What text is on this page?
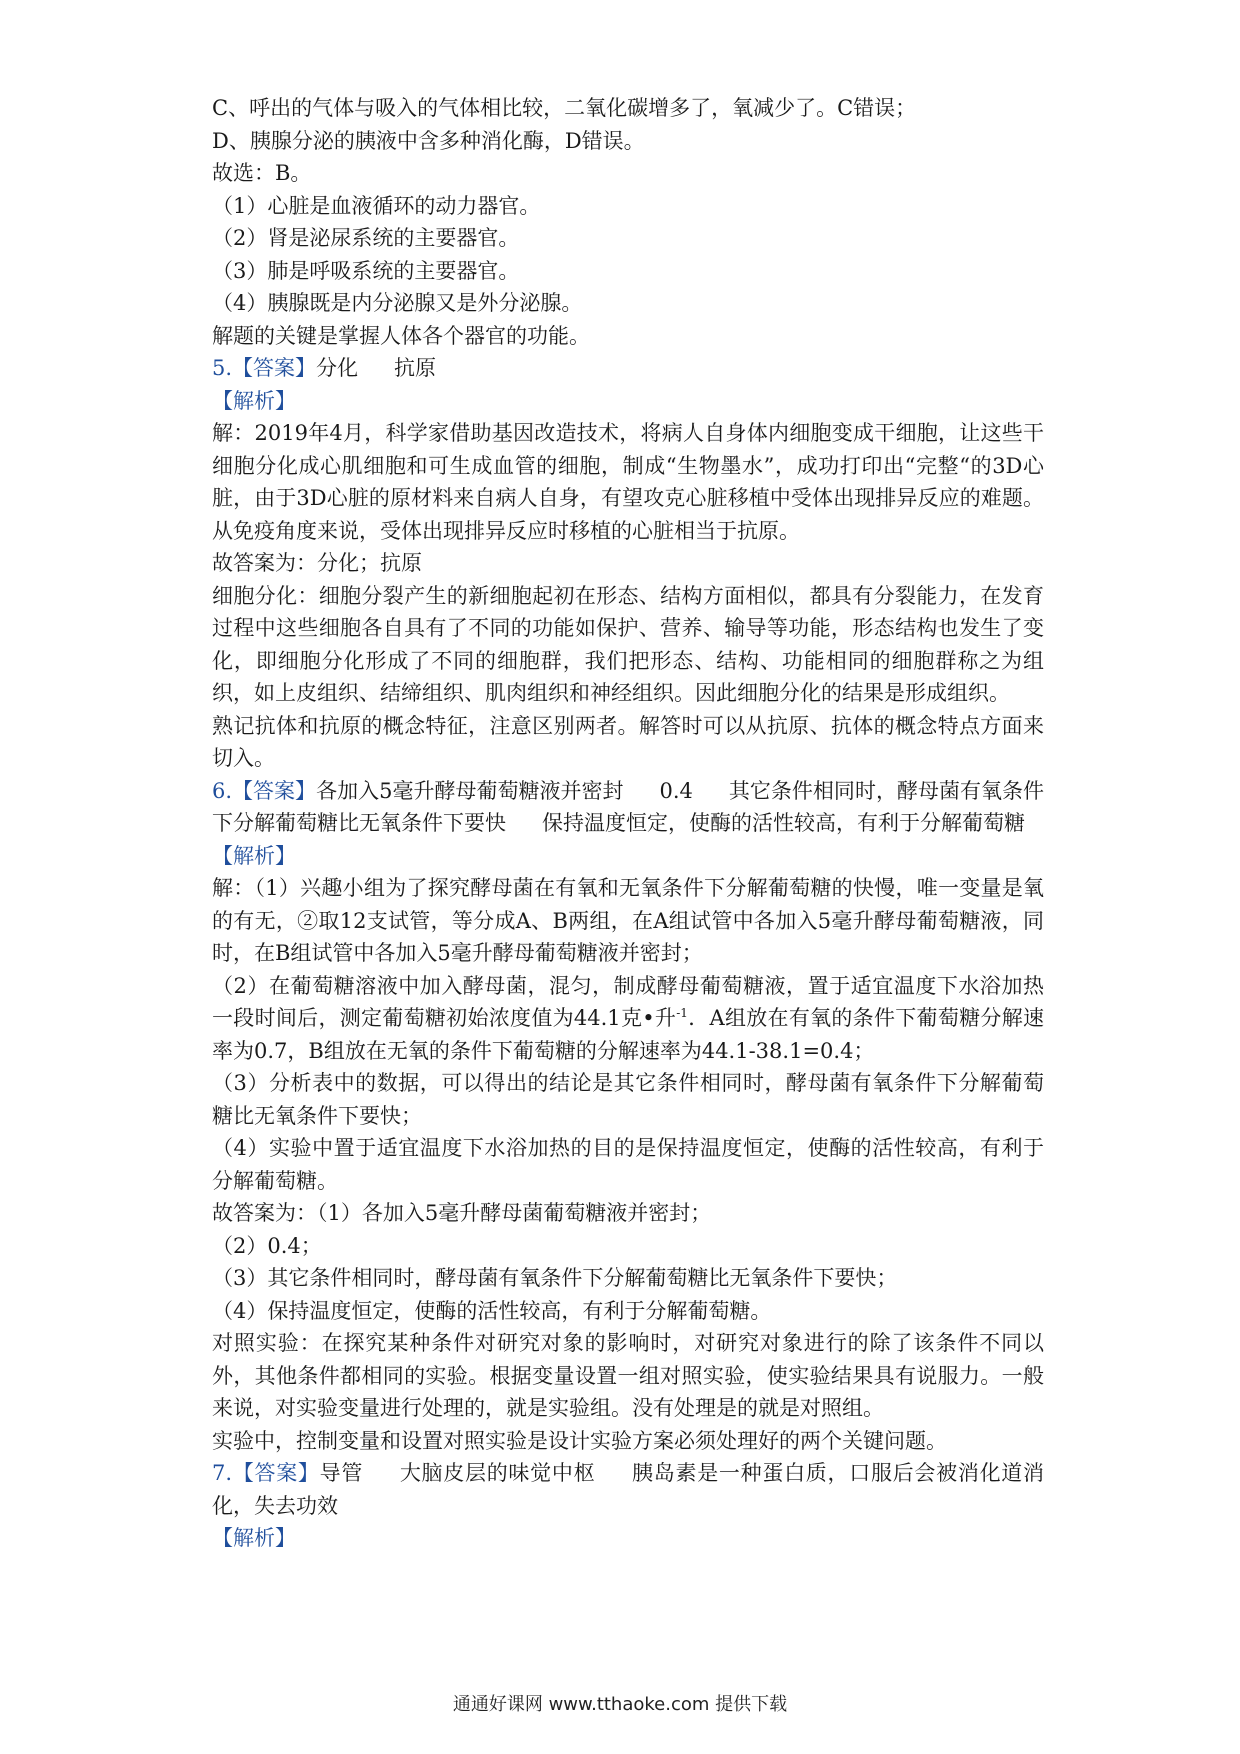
C、呼出的气体与吸入的气体相比较，二氧化碳增多了，氧减少了。C错误；

D、胰腺分泌的胰液中含多种消化酶，D错误。

故选：B。

（1）心脏是血液循环的动力器官。

（2）肾是泌尿系统的主要器官。

（3）肺是呼吸系统的主要器官。

（4）胰腺既是内分泌腺又是外分泌腺。

解题的关键是掌握人体各个器官的功能。

5.【答案】分化 抗原

【解析】

解：2019年4月，科学家借助基因改造技术，将病人自身体内细胞变成干细胞，让这些干细胞分化成心肌细胞和可生成血管的细胞，制成“生物墨水”，成功打印出“完整“的3D心脏，由于3D心脏的原材料来自病人自身，有望攻克心脏移植中受体出现排异反应的难题。从免疫角度来说，受体出现排异反应时移植的心脏相当于抗原。

故答案为：分化；抗原

细胞分化：细胞分裂产生的新细胞起初在形态、结构方面相似，都具有分裂能力，在发育过程中这些细胞各自具有了不同的功能如保护、营养、输导等功能，形态结构也发生了变化，即细胞分化形成了不同的细胞群，我们把形态、结构、功能相同的细胞群称之为组织，如上皮组织、结缔组织、肌肉组织和神经组织。因此细胞分化的结果是形成组织。

熟记抗体和抗原的概念特征，注意区别两者。解答时可以从抗原、抗体的概念特点方面来切入。

6.【答案】各加入5毫升酵母葡萄糖液并密封 0.4 其它条件相同时，酵母菌有氧条件下分解葡萄糖比无氧条件下要快 保持温度恒定，使酶的活性较高，有利于分解葡萄糖

【解析】

解：（1）兴趣小组为了探究酵母菌在有氧和无氧条件下分解葡萄糖的快慢，唯一变量是氧的有无，②取12支试管，等分成A、B两组，在A组试管中各加入5毫升酵母葡萄糖液，同时，在B组试管中各加入5毫升酵母葡萄糖液并密封；

（2）在葡萄糖溶液中加入酵母菌，混匀，制成酵母葡萄糖液，置于适宜温度下水浴加热一段时间后，测定葡萄糖初始浓度值为44.1克•升$^{-1}$．A组放在有氧的条件下葡萄糖分解速率为0.7，B组放在无氧的条件下葡萄糖的分解速率为44.1-38.1=0.4；

（3）分析表中的数据，可以得出的结论是其它条件相同时，酵母菌有氧条件下分解葡萄糖比无氧条件下要快；

（4）实验中置于适宜温度下水浴加热的目的是保持温度恒定，使酶的活性较高，有利于分解葡萄糖。

故答案为：（1）各加入5毫升酵母菌葡萄糖液并密封；

（2）0.4；

（3）其它条件相同时，酵母菌有氧条件下分解葡萄糖比无氧条件下要快；

（4）保持温度恒定，使酶的活性较高，有利于分解葡萄糖。

对照实验：在探究某种条件对研究对象的影响时，对研究对象进行的除了该条件不同以外，其他条件都相同的实验。根据变量设置一组对照实验，使实验结果具有说服力。一般来说，对实验变量进行处理的，就是实验组。没有处理是的就是对照组。

实验中，控制变量和设置对照实验是设计实验方案必须处理好的两个关键问题。

7.【答案】导管 大脑皮层的味觉中枢 胰岛素是一种蛋白质，口服后会被消化道消化，失去功效

【解析】

通通好课网 www.tthaoke.com 提供下载
